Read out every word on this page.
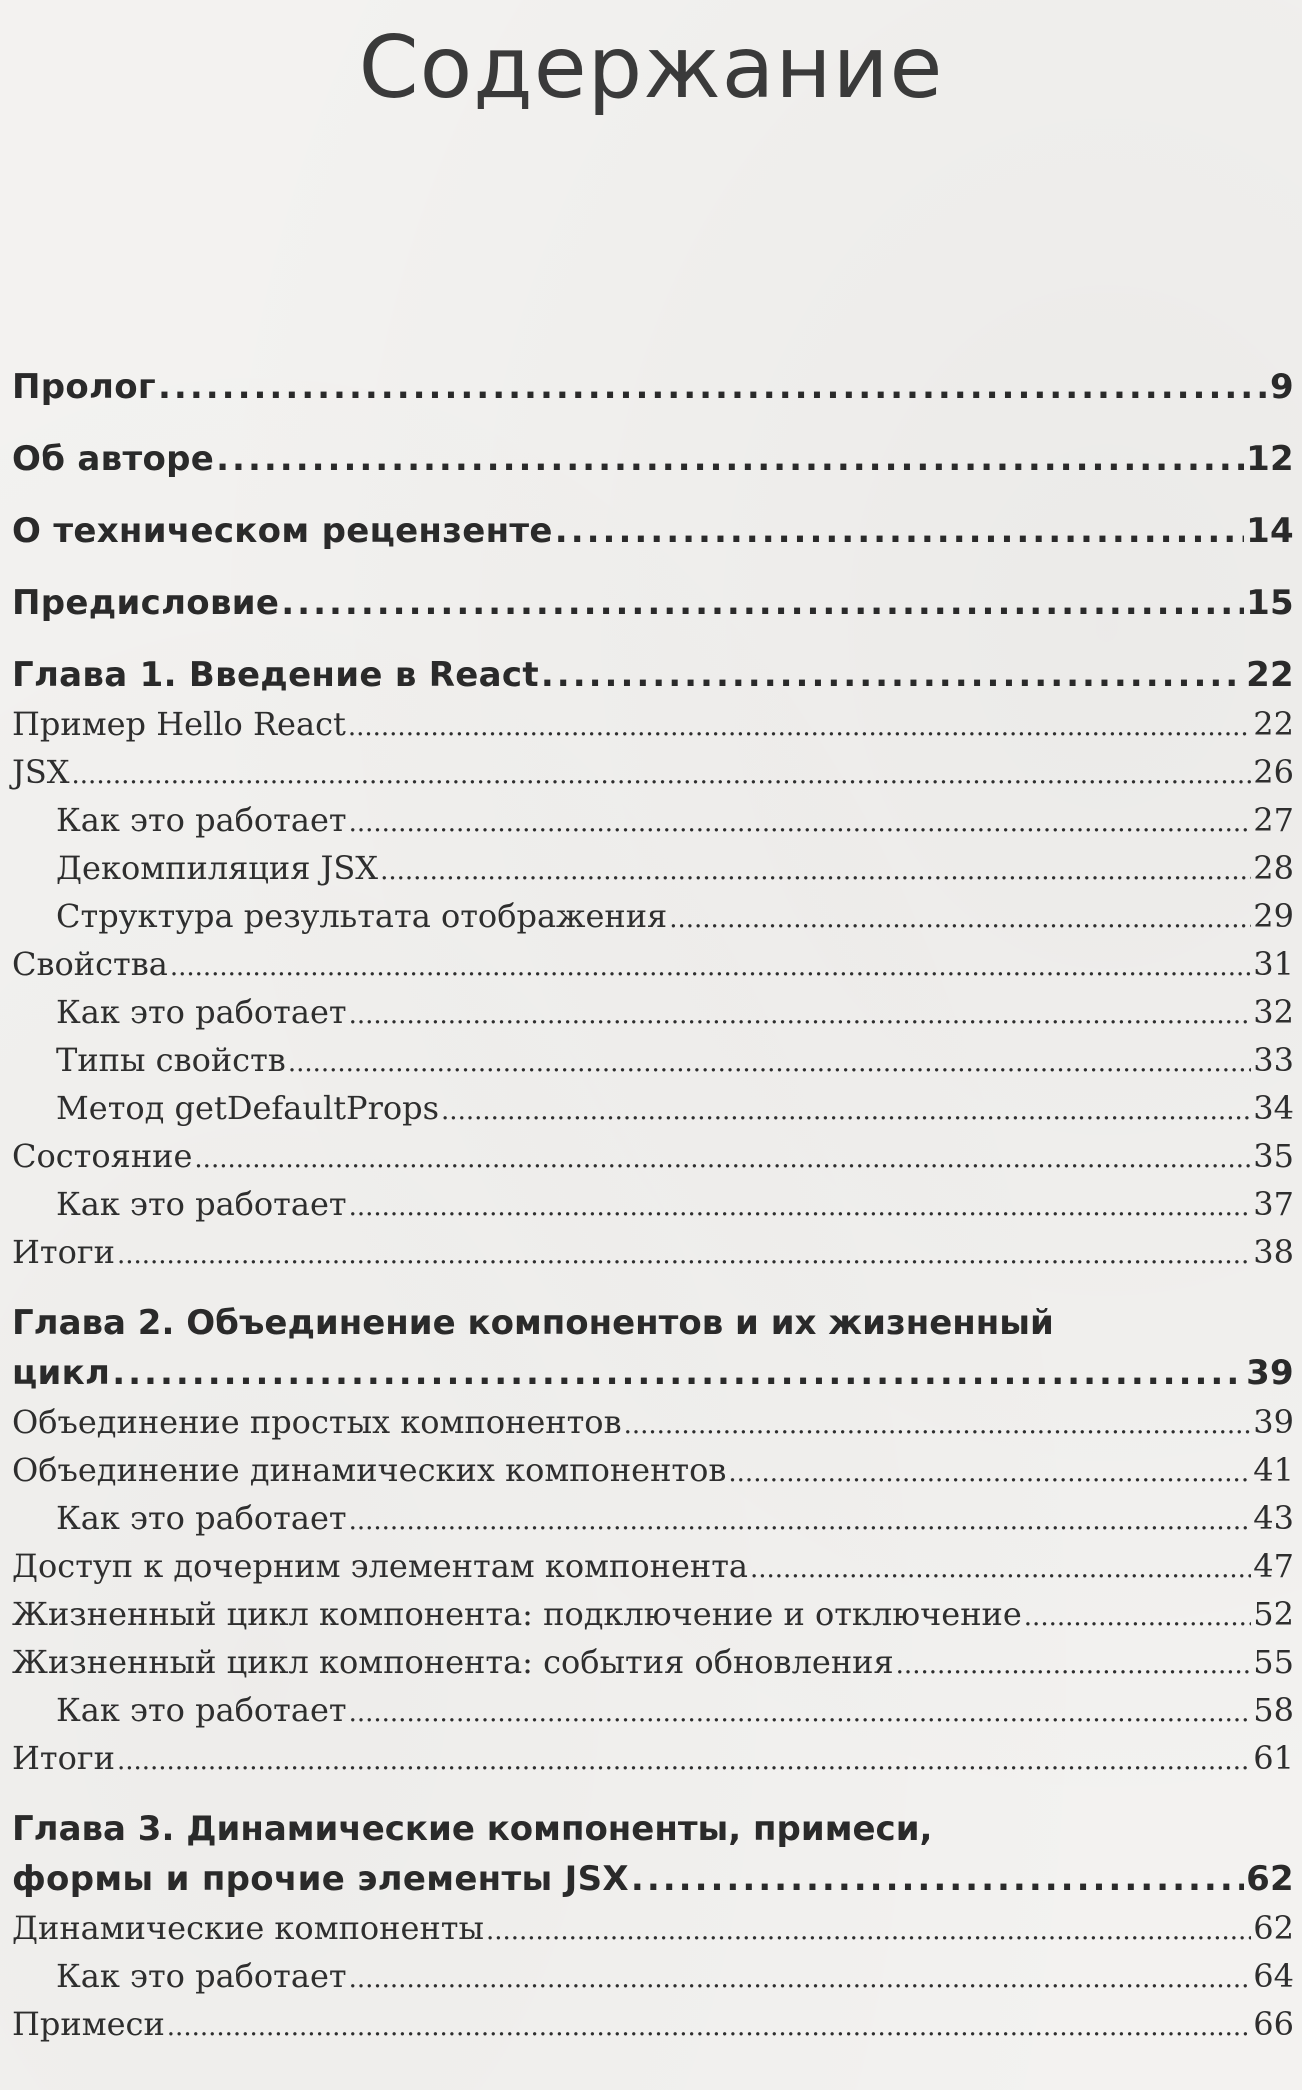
Содержание
Пролог .....	9
Об авторе .....	12
О техническом рецензенте .....	14
Предисловие .....	15
Глава 1. Введение в React .....	22
Пример Hello React .....	22
JSX .....	26
Как это работает .....	27
Декомпиляция JSX .....	28
Структура результата отображения .....	29
Свойства .....	31
Как это работает .....	32
Типы свойств .....	33
Метод getDefaultProps .....	34
Состояние .....	35
Как это работает .....	37
Итоги .....	38
Глава 2. Объединение компонентов и их жизненный
цикл .....	39
Объединение простых компонентов .....	39
Объединение динамических компонентов .....	41
Как это работает .....	43
Доступ к дочерним элементам компонента .....	47
Жизненный цикл компонента: подключение и отключение .....	52
Жизненный цикл компонента: события обновления .....	55
Как это работает .....	58
Итоги .....	61
Глава 3. Динамические компоненты, примеси,
формы и прочие элементы JSX .....	62
Динамические компоненты .....	62
Как это работает .....	64
Примеси .....	66
